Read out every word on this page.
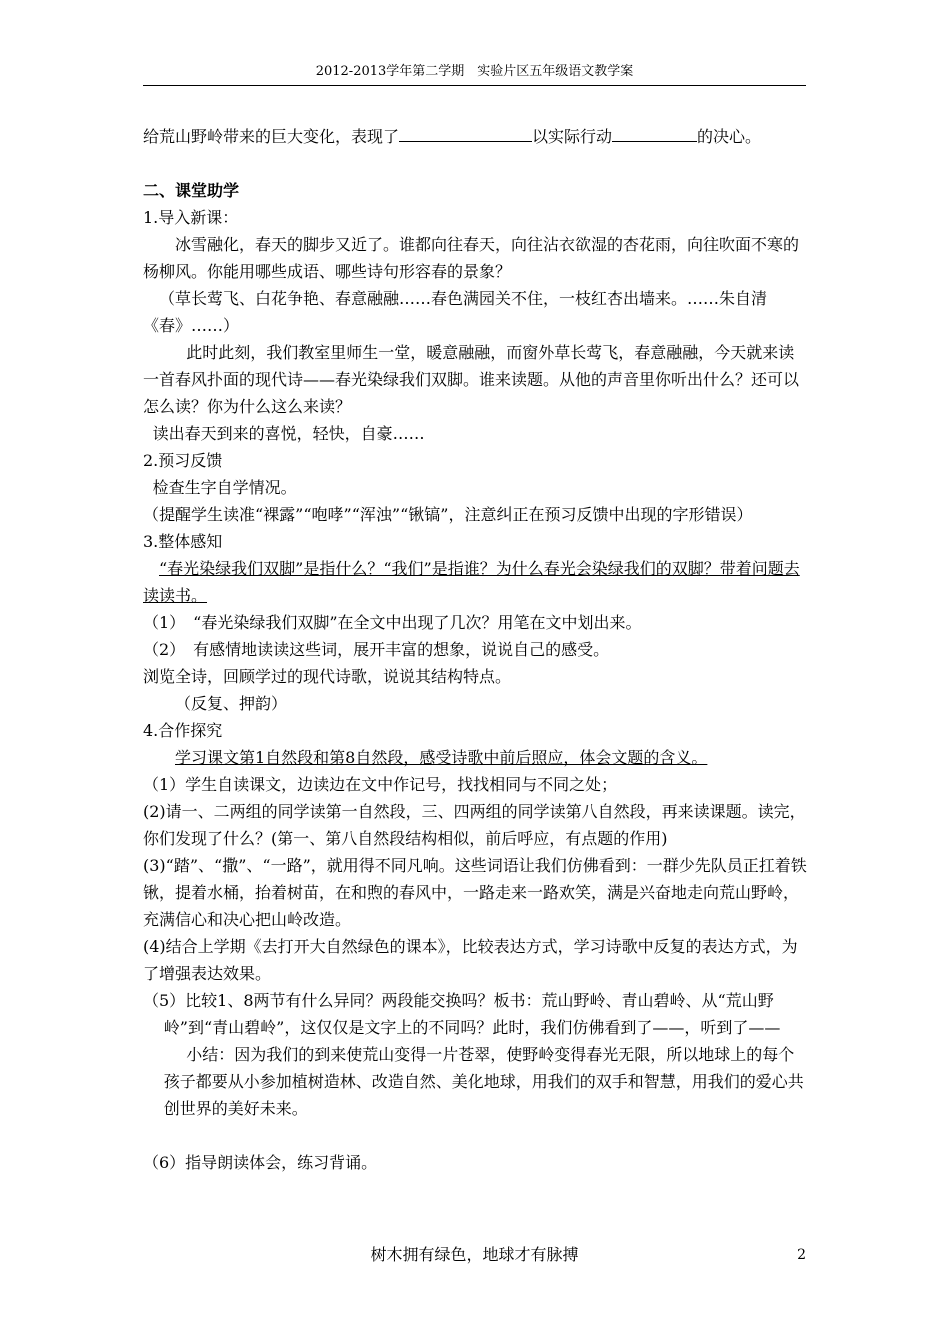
2012-2013学年第二学期　实验片区五年级语文教学案

给荒山野岭带来的巨大变化，表现了	以实际行动	的决心。

二、课堂助学

1.导入新课：

冰雪融化，春天的脚步又近了。谁都向往春天，向往沾衣欲湿的杏花雨，向往吹面不寒的杨柳风。你能用哪些成语、哪些诗句形容春的景象？

（草长莺飞、白花争艳、春意融融……春色满园关不住，一枝红杏出墙来。……朱自清《春》……）

此时此刻，我们教室里师生一堂，暖意融融，而窗外草长莺飞，春意融融，今天就来读一首春风扑面的现代诗——春光染绿我们双脚。谁来读题。从他的声音里你听出什么？还可以怎么读？你为什么这么来读？

读出春天到来的喜悦，轻快，自豪……

2.预习反馈

检查生字自学情况。

（提醒学生读准“裸露”“咆哮”“浑浊”“锹镐”，注意纠正在预习反馈中出现的字形错误）

3.整体感知

“春光染绿我们双脚”是指什么？“我们”是指谁？为什么春光会染绿我们的双脚？带着问题去读读书。

（1）　“春光染绿我们双脚”在全文中出现了几次？用笔在文中划出来。

（2）　有感情地读读这些词，展开丰富的想象，说说自己的感受。

浏览全诗，回顾学过的现代诗歌，说说其结构特点。

（反复、押韵）

4.合作探究

学习课文第1自然段和第8自然段，感受诗歌中前后照应，体会文题的含义。

（1）学生自读课文，边读边在文中作记号，找找相同与不同之处；

(2)请一、二两组的同学读第一自然段，三、四两组的同学读第八自然段，再来读课题。读完，你们发现了什么？(第一、第八自然段结构相似，前后呼应，有点题的作用)

(3)“踏”、“撒”、“一路”，就用得不同凡响。这些词语让我们仿佛看到：一群少先队员正扛着铁锹，提着水桶，抬着树苗，在和煦的春风中，一路走来一路欢笑，满是兴奋地走向荒山野岭，充满信心和决心把山岭改造。

(4)结合上学期《去打开大自然绿色的课本》，比较表达方式，学习诗歌中反复的表达方式，为了增强表达效果。

（5）比较1、8两节有什么异同？两段能交换吗？板书：荒山野岭、青山碧岭、从“荒山野岭”到“青山碧岭”，这仅仅是文字上的不同吗？此时，我们仿佛看到了——，听到了——

小结：因为我们的到来使荒山变得一片苍翠，使野岭变得春光无限，所以地球上的每个孩子都要从小参加植树造林、改造自然、美化地球，用我们的双手和智慧，用我们的爱心共创世界的美好未来。

（6）指导朗读体会，练习背诵。

树木拥有绿色，地球才有脉搏	2
